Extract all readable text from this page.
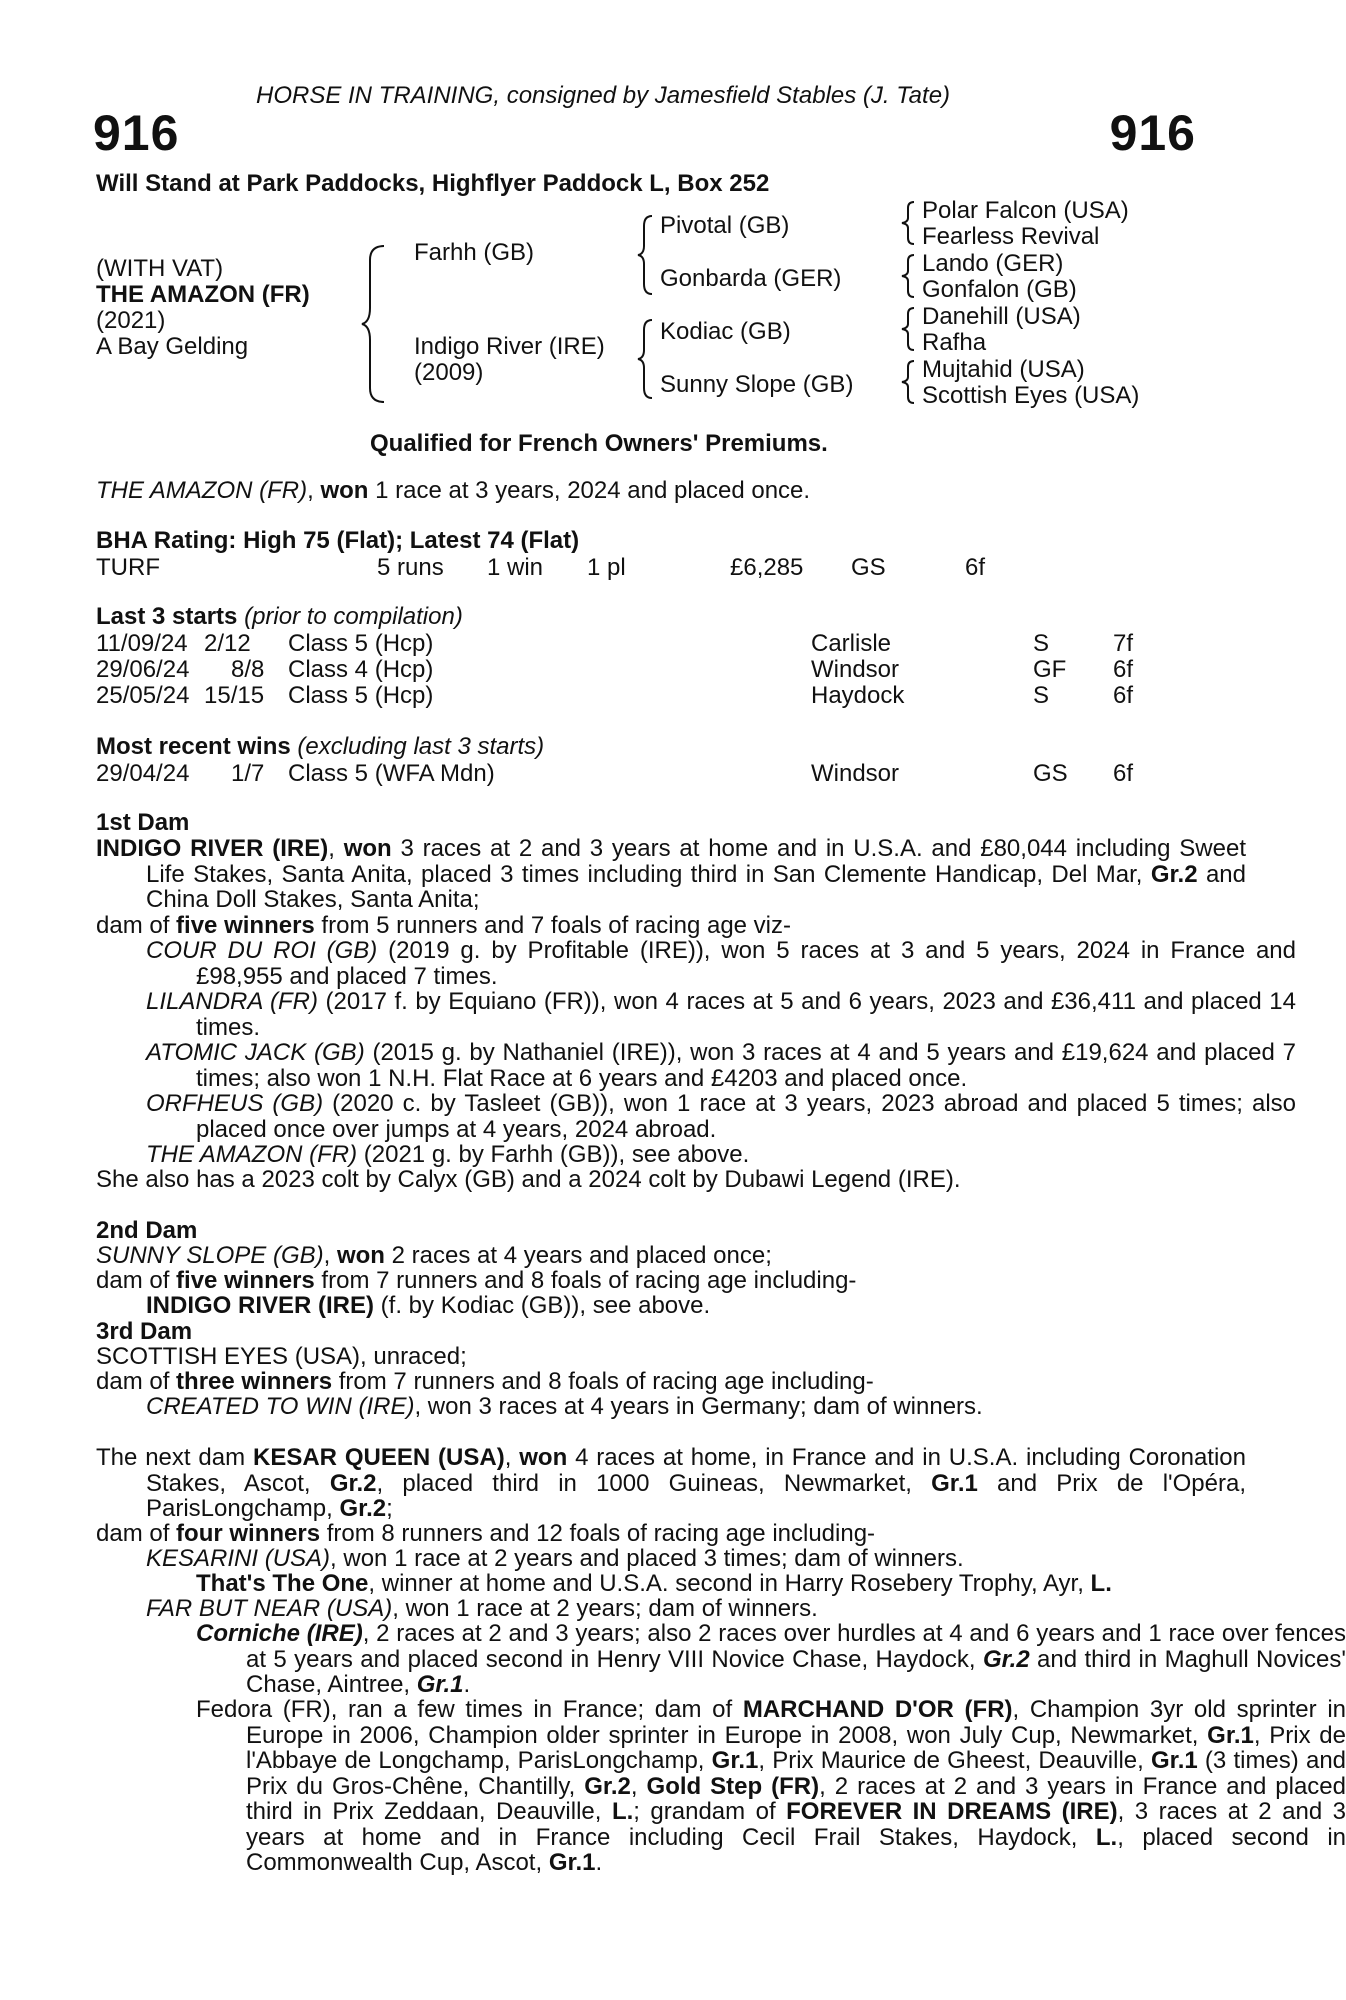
HORSE IN TRAINING, consigned by Jamesfield Stables (J. Tate)
916	916
Will Stand at Park Paddocks, Highflyer Paddock L, Box 252
(WITH VAT)
THE AMAZON (FR)
(2021)
A Bay Gelding
Farhh (GB)
Indigo River (IRE)
(2009)
Pivotal (GB)
Gonbarda (GER)
Kodiac (GB)
Sunny Slope (GB)
Polar Falcon (USA)
Fearless Revival
Lando (GER)
Gonfalon (GB)
Danehill (USA)
Rafha
Mujtahid (USA)
Scottish Eyes (USA)
Qualified for French Owners' Premiums.
THE AMAZON (FR), won 1 race at 3 years, 2024 and placed once.
BHA Rating: High 75 (Flat); Latest 74 (Flat)
TURF	5 runs 1 win 1 pl	£6,285 GS	6f
Last 3 starts (prior to compilation)
11/09/24 2/12 Class 5 (Hcp)	Carlisle	S	7f
29/06/24 8/8 Class 4 (Hcp)	Windsor	GF 6f
25/05/24 15/15 Class 5 (Hcp)	Haydock	S	6f
Most recent wins (excluding last 3 starts)
29/04/24 1/7 Class 5 (WFA Mdn)	Windsor	GS 6f
1st Dam
INDIGO RIVER (IRE), won 3 races at 2 and 3 years at home and in U.S.A. and £80,044 including Sweet Life Stakes, Santa Anita, placed 3 times including third in San Clemente Handicap, Del Mar, Gr.2 and China Doll Stakes, Santa Anita;
dam of five winners from 5 runners and 7 foals of racing age viz-
COUR DU ROI (GB) (2019 g. by Profitable (IRE)), won 5 races at 3 and 5 years, 2024 in France and £98,955 and placed 7 times.
LILANDRA (FR) (2017 f. by Equiano (FR)), won 4 races at 5 and 6 years, 2023 and £36,411 and placed 14 times.
ATOMIC JACK (GB) (2015 g. by Nathaniel (IRE)), won 3 races at 4 and 5 years and £19,624 and placed 7 times; also won 1 N.H. Flat Race at 6 years and £4203 and placed once.
ORFHEUS (GB) (2020 c. by Tasleet (GB)), won 1 race at 3 years, 2023 abroad and placed 5 times; also placed once over jumps at 4 years, 2024 abroad.
THE AMAZON (FR) (2021 g. by Farhh (GB)), see above.
She also has a 2023 colt by Calyx (GB) and a 2024 colt by Dubawi Legend (IRE).
2nd Dam
SUNNY SLOPE (GB), won 2 races at 4 years and placed once;
dam of five winners from 7 runners and 8 foals of racing age including-
INDIGO RIVER (IRE) (f. by Kodiac (GB)), see above.
3rd Dam
SCOTTISH EYES (USA), unraced;
dam of three winners from 7 runners and 8 foals of racing age including-
CREATED TO WIN (IRE), won 3 races at 4 years in Germany; dam of winners.
The next dam KESAR QUEEN (USA), won 4 races at home, in France and in U.S.A. including Coronation Stakes, Ascot, Gr.2, placed third in 1000 Guineas, Newmarket, Gr.1 and Prix de l'Opéra, ParisLongchamp, Gr.2;
dam of four winners from 8 runners and 12 foals of racing age including-
KESARINI (USA), won 1 race at 2 years and placed 3 times; dam of winners.
That's The One, winner at home and U.S.A. second in Harry Rosebery Trophy, Ayr, L.
FAR BUT NEAR (USA), won 1 race at 2 years; dam of winners.
Corniche (IRE), 2 races at 2 and 3 years; also 2 races over hurdles at 4 and 6 years and 1 race over fences at 5 years and placed second in Henry VIII Novice Chase, Haydock, Gr.2 and third in Maghull Novices' Chase, Aintree, Gr.1.
Fedora (FR), ran a few times in France; dam of MARCHAND D'OR (FR), Champion 3yr old sprinter in Europe in 2006, Champion older sprinter in Europe in 2008, won July Cup, Newmarket, Gr.1, Prix de l'Abbaye de Longchamp, ParisLongchamp, Gr.1, Prix Maurice de Gheest, Deauville, Gr.1 (3 times) and Prix du Gros-Chêne, Chantilly, Gr.2, Gold Step (FR), 2 races at 2 and 3 years in France and placed third in Prix Zeddaan, Deauville, L.; grandam of FOREVER IN DREAMS (IRE), 3 races at 2 and 3 years at home and in France including Cecil Frail Stakes, Haydock, L., placed second in Commonwealth Cup, Ascot, Gr.1.
